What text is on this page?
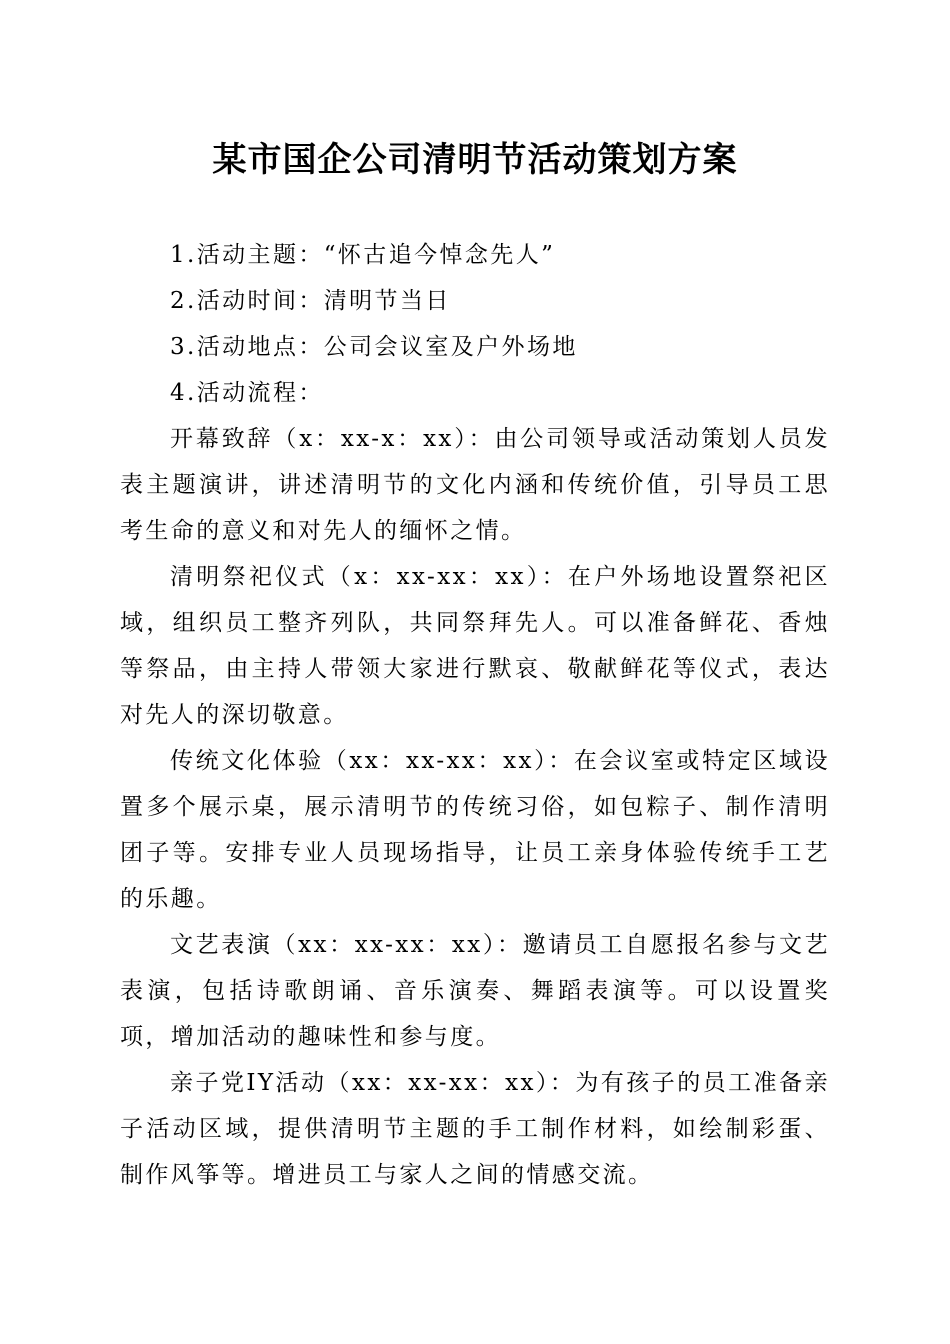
某市国企公司清明节活动策划方案

1.活动主题：“怀古追今悼念先人”

2.活动时间：清明节当日

3.活动地点：公司会议室及户外场地

4.活动流程：

开幕致辞（x：xx-x：xx）：由公司领导或活动策划人员发表主题演讲，讲述清明节的文化内涵和传统价值，引导员工思考生命的意义和对先人的缅怀之情。

清明祭祀仪式（x：xx-xx：xx）：在户外场地设置祭祀区域，组织员工整齐列队，共同祭拜先人。可以准备鲜花、香烛等祭品，由主持人带领大家进行默哀、敬献鲜花等仪式，表达对先人的深切敬意。

传统文化体验（xx：xx-xx：xx）：在会议室或特定区域设置多个展示桌，展示清明节的传统习俗，如包粽子、制作清明团子等。安排专业人员现场指导，让员工亲身体验传统手工艺的乐趣。

文艺表演（xx：xx-xx：xx）：邀请员工自愿报名参与文艺表演，包括诗歌朗诵、音乐演奏、舞蹈表演等。可以设置奖项，增加活动的趣味性和参与度。

亲子党IY活动（xx：xx-xx：xx）：为有孩子的员工准备亲子活动区域，提供清明节主题的手工制作材料，如绘制彩蛋、制作风筝等。增进员工与家人之间的情感交流。
